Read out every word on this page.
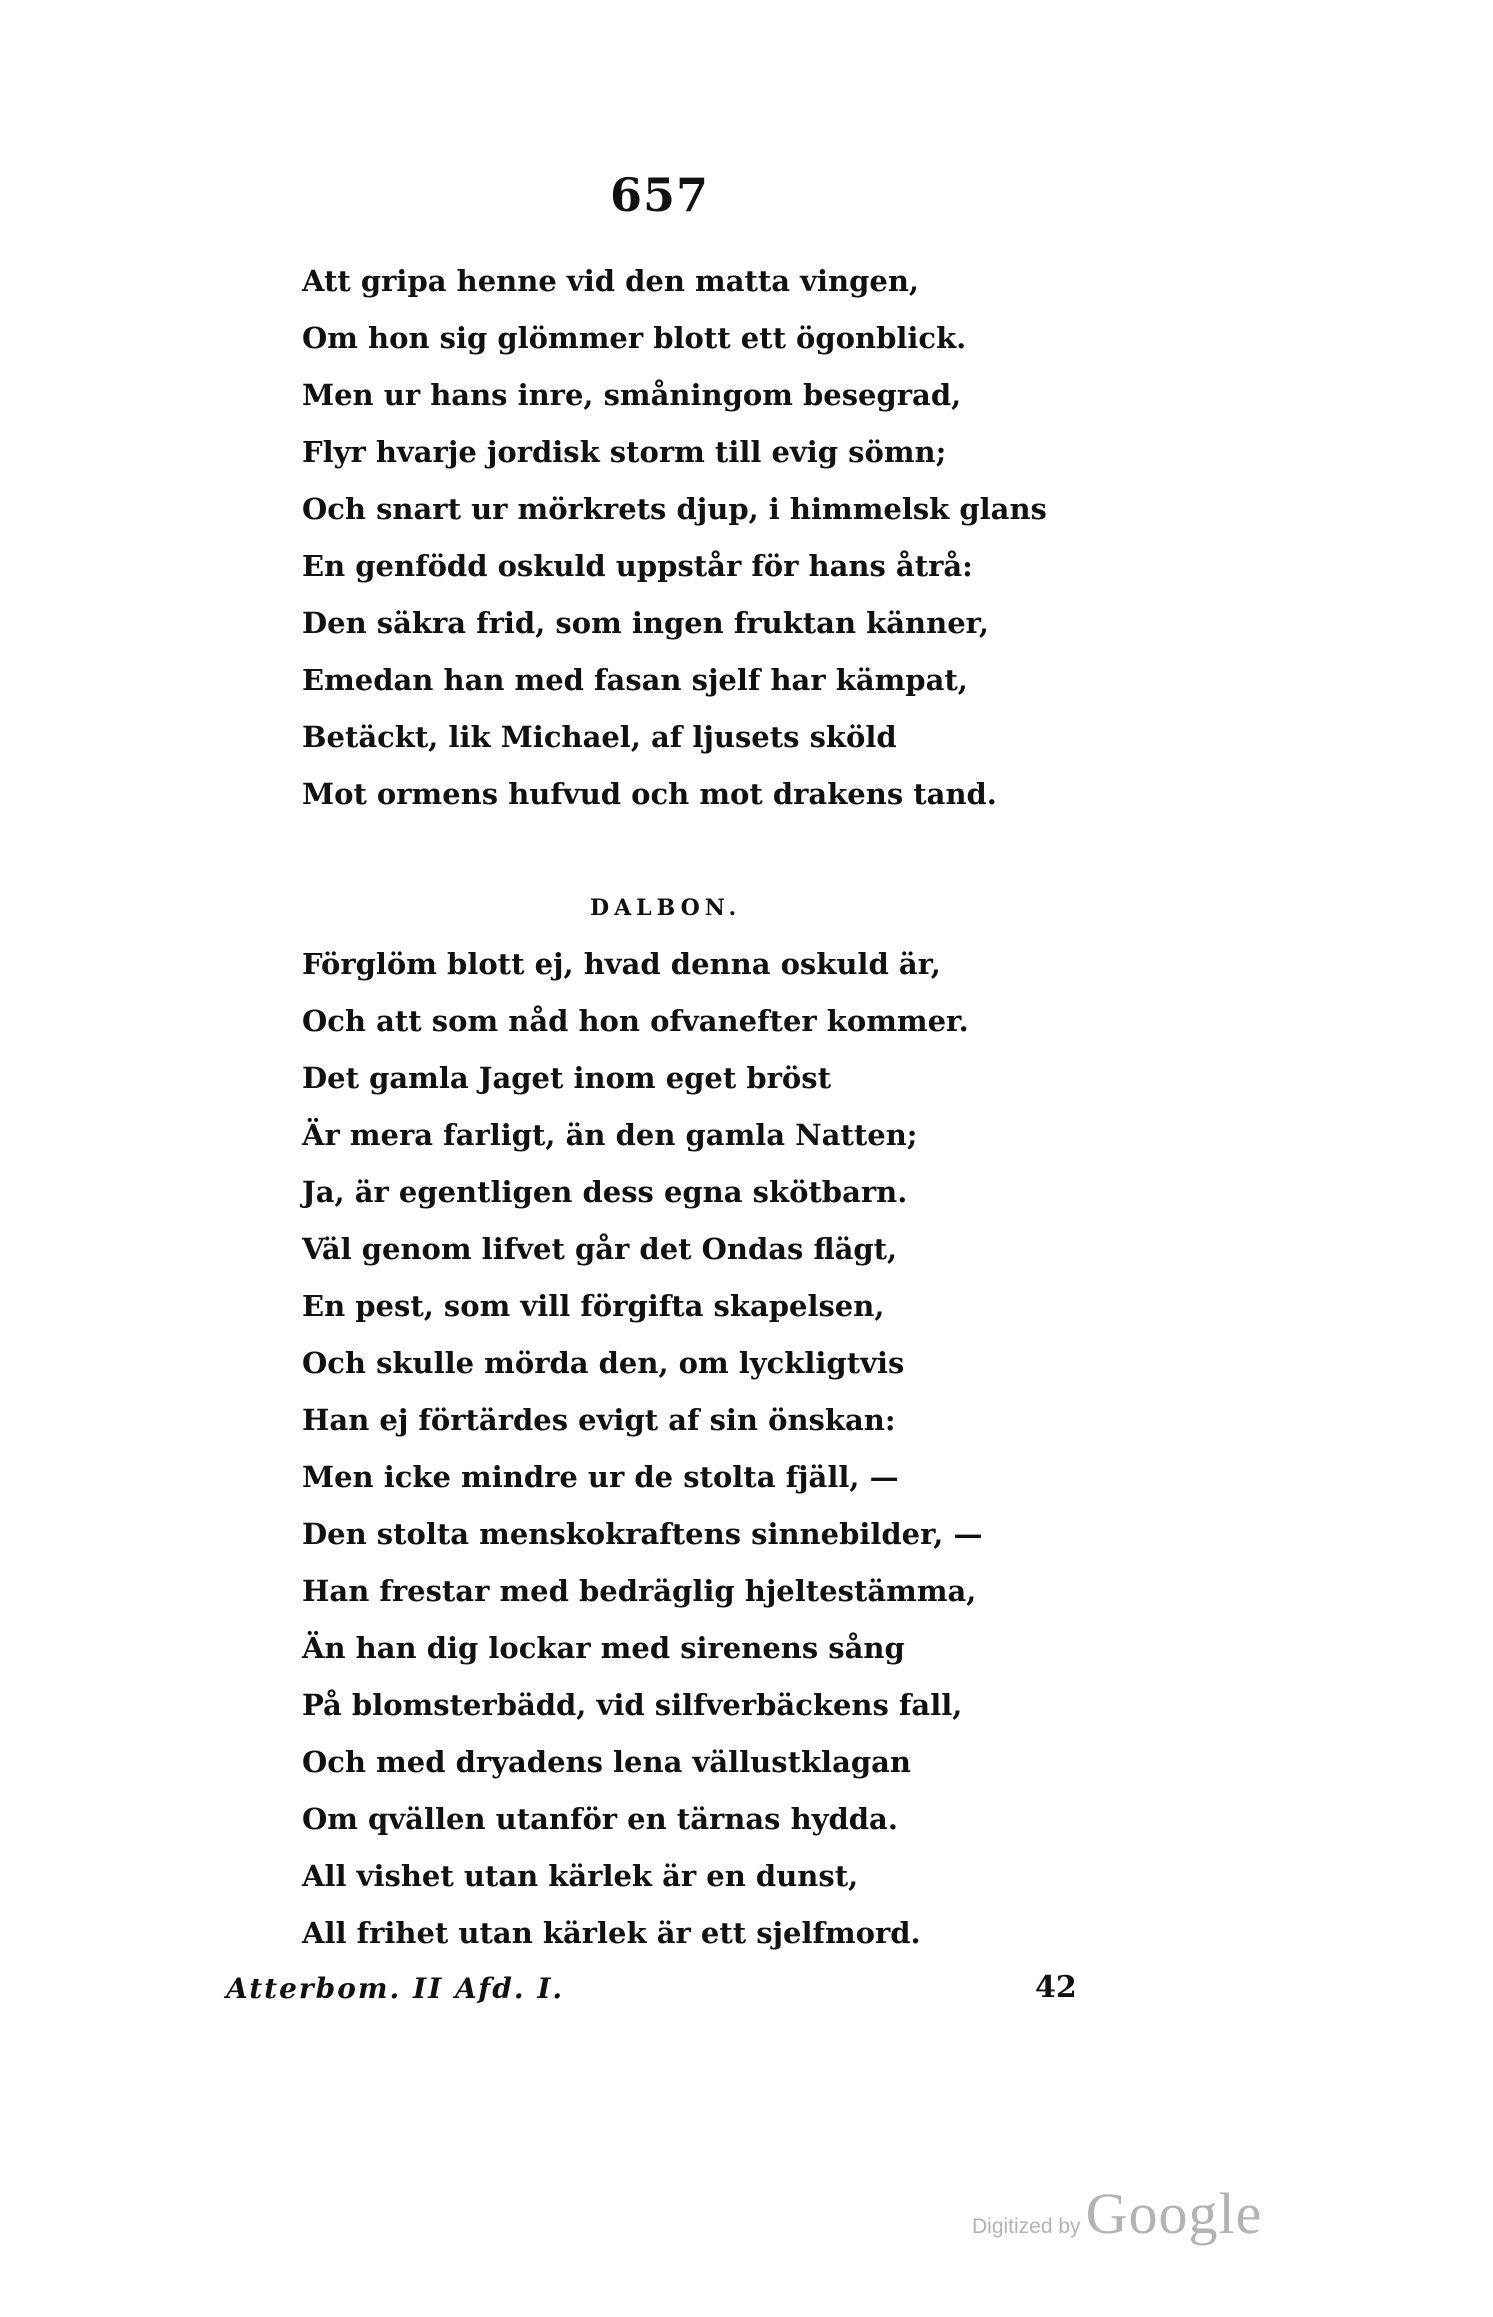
657
Att gripa henne vid den matta vingen,
Om hon sig glömmer blott ett ögonblick.
Men ur hans inre, småningom besegrad,
Flyr hvarje jordisk storm till evig sömn;
Och snart ur mörkrets djup, i himmelsk glans
En genfödd oskuld uppstår för hans åtrå:
Den säkra frid, som ingen fruktan känner,
Emedan han med fasan sjelf har kämpat,
Betäckt, lik Michael, af ljusets sköld
Mot ormens hufvud och mot drakens tand.
DALBON.
Förglöm blott ej, hvad denna oskuld är,
Och att som nåd hon ofvanefter kommer.
Det gamla Jaget inom eget bröst
Är mera farligt, än den gamla Natten;
Ja, är egentligen dess egna skötbarn.
Väl genom lifvet går det Ondas flägt,
En pest, som vill förgifta skapelsen,
Och skulle mörda den, om lyckligtvis
Han ej förtärdes evigt af sin önskan:
Men icke mindre ur de stolta fjäll, —
Den stolta menskokraftens sinnebilder, —
Han frestar med bedräglig hjeltestämma,
Än han dig lockar med sirenens sång
På blomsterbädd, vid silfverbäckens fall,
Och med dryadens lena vällustklagan
Om qvällen utanför en tärnas hydda.
All vishet utan kärlek är en dunst,
All frihet utan kärlek är ett sjelfmord.
Atterbom. II Afd. I.	42
Digitized by Google
